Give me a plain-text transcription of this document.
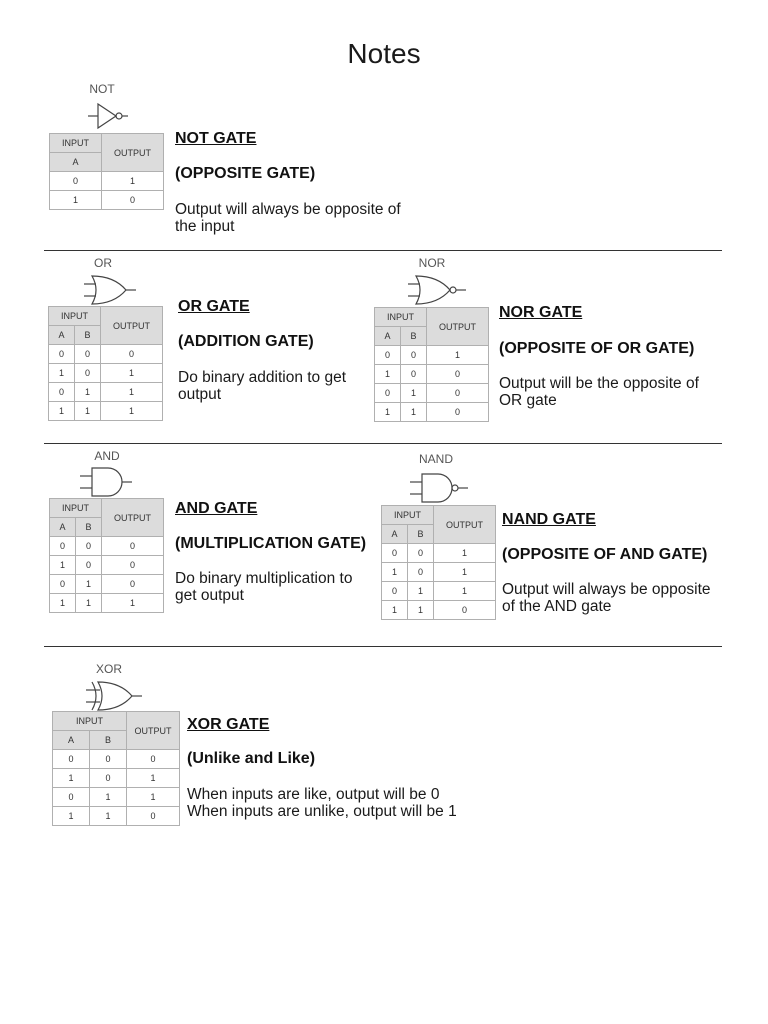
Notes
NOT
INPUT	OUTPUT
A	
0	1
1	0
NOT GATE
(OPPOSITE GATE)
Output will always be opposite of the input
OR
INPUT		OUTPUT
A	B	
0	0	0
1	0	1
0	1	1
1	1	1
OR GATE
(ADDITION GATE)
Do binary addition to get output
NOR
INPUT		OUTPUT
A	B	
0	0	1
1	0	0
0	1	0
1	1	0
NOR GATE
(OPPOSITE OF OR GATE)
Output will be the opposite of OR gate
AND
INPUT		OUTPUT
A	B	
0	0	0
1	0	0
0	1	0
1	1	1
AND GATE
(MULTIPLICATION GATE)
Do binary multiplication to get output
NAND
INPUT		OUTPUT
A	B	
0	0	1
1	0	1
0	1	1
1	1	0
NAND GATE
(OPPOSITE OF AND GATE)
Output will always be opposite of the AND gate
XOR
INPUT		OUTPUT
A	B	
0	0	0
1	0	1
0	1	1
1	1	0
XOR GATE
(Unlike and Like)
When inputs are like, output will be 0
When inputs are unlike, output will be 1
